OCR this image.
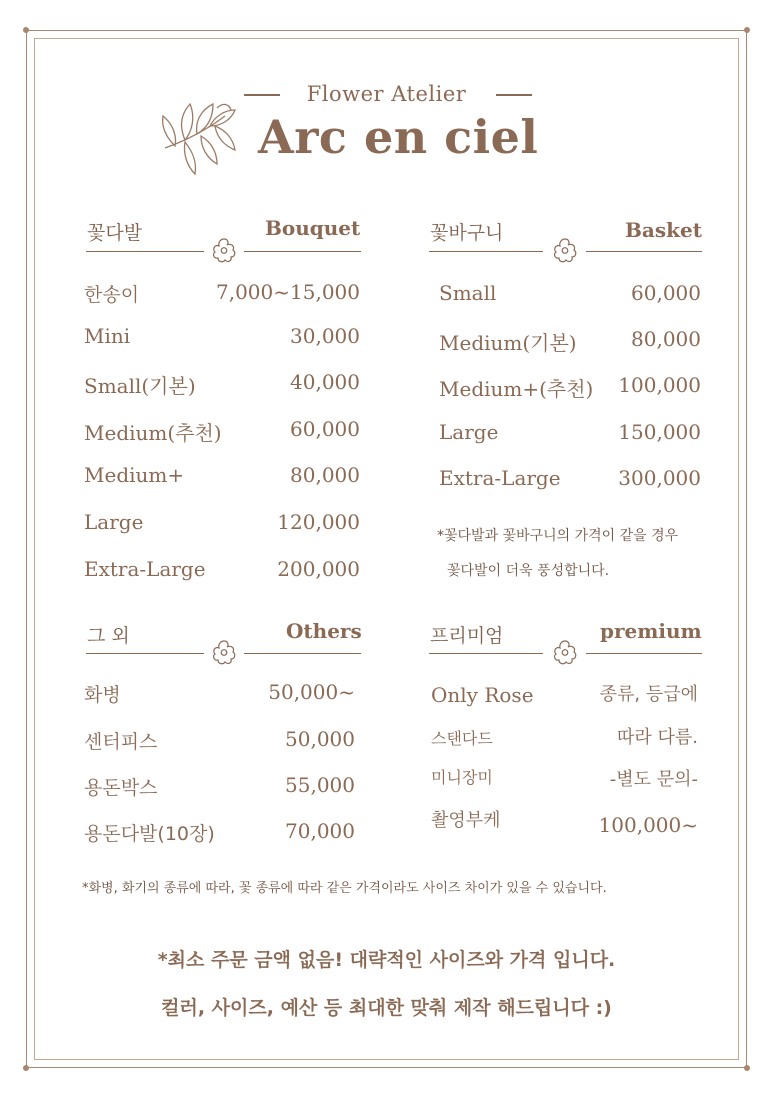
Flower Atelier
Arc en ciel
꽃다발	Bouquet
한송이	7,000~15,000
Mini	30,000
Small(기본)	40,000
Medium(추천)	60,000
Medium+	80,000
Large	120,000
Extra-Large	200,000
꽃바구니	Basket
Small	60,000
Medium(기본)	80,000
Medium+(추천) 100,000
Large	150,000
Extra-Large	300,000
*꽃다발과 꽃바구니의 가격이 같을 경우
꽃다발이 더욱 풍성합니다.
그 외	Others
화병	50,000~
센터피스	50,000
용돈박스	55,000
용돈다발(10장)	70,000
프리미엄	premium
Only Rose	종류, 등급에
스탠다드	따라 다름.
미니장미	-별도 문의-
촬영부케	100,000~
*화병, 화기의 종류에 따라, 꽃 종류에 따라 같은 가격이라도 사이즈 차이가 있을 수 있습니다.
*최소 주문 금액 없음! 대략적인 사이즈와 가격 입니다.
컬러, 사이즈, 예산 등 최대한 맞춰 제작 해드립니다 :)
